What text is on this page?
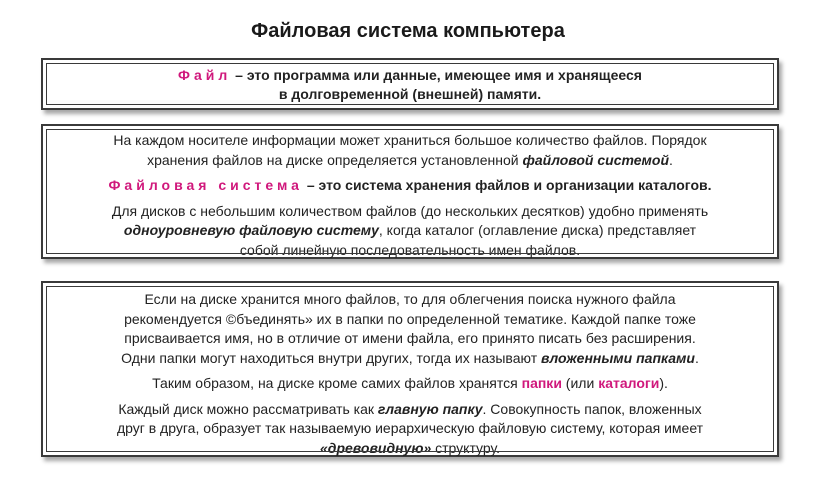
Файловая система компьютера
Файл – это программа или данные, имеющее имя и хранящееся
в долговременной (внешней) памяти.
На каждом носителе информации может храниться большое количество файлов. Порядок
хранения файлов на диске определяется установленной файловой системой.
Файловая система – это система хранения файлов и организации каталогов.
Для дисков с небольшим количеством файлов (до нескольких десятков) удобно применять
одноуровневую файловую систему, когда каталог (оглавление диска) представляет
собой линейную последовательность имен файлов.
Если на диске хранится много файлов, то для облегчения поиска нужного файла
рекомендуется ©бъединять» их в папки по определенной тематике. Каждой папке тоже
присваивается имя, но в отличие от имени файла, его принято писать без расширения.
Одни папки могут находиться внутри других, тогда их называют вложенными папками.
Таким образом, на диске кроме самих файлов хранятся папки (или каталоги).
Каждый диск можно рассматривать как главную папку. Совокупность папок, вложенных
друг в друга, образует так называемую иерархическую файловую систему, которая имеет
«древовидную» структуру.
